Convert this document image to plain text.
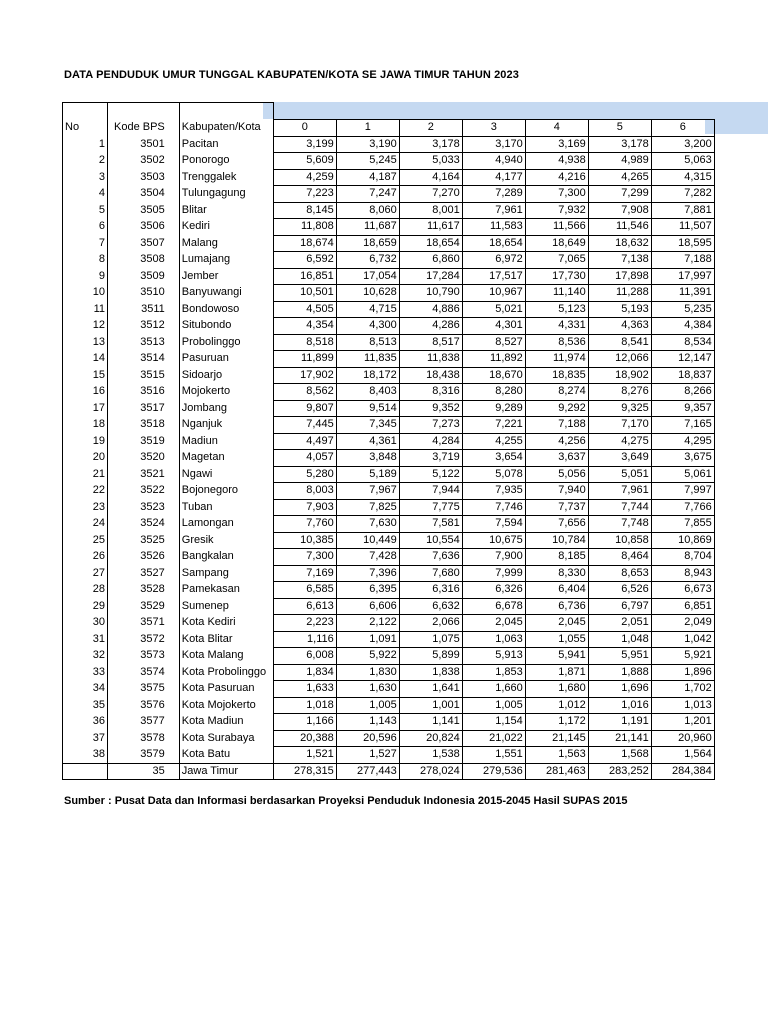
DATA PENDUDUK UMUR TUNGGAL KABUPATEN/KOTA SE JAWA TIMUR TAHUN 2023

No	Kode BPS	Kabupaten/Kota	0	1	2	3	4	5	6
1	3501	Pacitan	3,199	3,190	3,178	3,170	3,169	3,178	3,200
2	3502	Ponorogo	5,609	5,245	5,033	4,940	4,938	4,989	5,063
3	3503	Trenggalek	4,259	4,187	4,164	4,177	4,216	4,265	4,315
4	3504	Tulungagung	7,223	7,247	7,270	7,289	7,300	7,299	7,282
5	3505	Blitar	8,145	8,060	8,001	7,961	7,932	7,908	7,881
6	3506	Kediri	11,808	11,687	11,617	11,583	11,566	11,546	11,507
7	3507	Malang	18,674	18,659	18,654	18,654	18,649	18,632	18,595
8	3508	Lumajang	6,592	6,732	6,860	6,972	7,065	7,138	7,188
9	3509	Jember	16,851	17,054	17,284	17,517	17,730	17,898	17,997
10	3510	Banyuwangi	10,501	10,628	10,790	10,967	11,140	11,288	11,391
11	3511	Bondowoso	4,505	4,715	4,886	5,021	5,123	5,193	5,235
12	3512	Situbondo	4,354	4,300	4,286	4,301	4,331	4,363	4,384
13	3513	Probolinggo	8,518	8,513	8,517	8,527	8,536	8,541	8,534
14	3514	Pasuruan	11,899	11,835	11,838	11,892	11,974	12,066	12,147
15	3515	Sidoarjo	17,902	18,172	18,438	18,670	18,835	18,902	18,837
16	3516	Mojokerto	8,562	8,403	8,316	8,280	8,274	8,276	8,266
17	3517	Jombang	9,807	9,514	9,352	9,289	9,292	9,325	9,357
18	3518	Nganjuk	7,445	7,345	7,273	7,221	7,188	7,170	7,165
19	3519	Madiun	4,497	4,361	4,284	4,255	4,256	4,275	4,295
20	3520	Magetan	4,057	3,848	3,719	3,654	3,637	3,649	3,675
21	3521	Ngawi	5,280	5,189	5,122	5,078	5,056	5,051	5,061
22	3522	Bojonegoro	8,003	7,967	7,944	7,935	7,940	7,961	7,997
23	3523	Tuban	7,903	7,825	7,775	7,746	7,737	7,744	7,766
24	3524	Lamongan	7,760	7,630	7,581	7,594	7,656	7,748	7,855
25	3525	Gresik	10,385	10,449	10,554	10,675	10,784	10,858	10,869
26	3526	Bangkalan	7,300	7,428	7,636	7,900	8,185	8,464	8,704
27	3527	Sampang	7,169	7,396	7,680	7,999	8,330	8,653	8,943
28	3528	Pamekasan	6,585	6,395	6,316	6,326	6,404	6,526	6,673
29	3529	Sumenep	6,613	6,606	6,632	6,678	6,736	6,797	6,851
30	3571	Kota Kediri	2,223	2,122	2,066	2,045	2,045	2,051	2,049
31	3572	Kota Blitar	1,116	1,091	1,075	1,063	1,055	1,048	1,042
32	3573	Kota Malang	6,008	5,922	5,899	5,913	5,941	5,951	5,921
33	3574	Kota Probolinggo	1,834	1,830	1,838	1,853	1,871	1,888	1,896
34	3575	Kota Pasuruan	1,633	1,630	1,641	1,660	1,680	1,696	1,702
35	3576	Kota Mojokerto	1,018	1,005	1,001	1,005	1,012	1,016	1,013
36	3577	Kota Madiun	1,166	1,143	1,141	1,154	1,172	1,191	1,201
37	3578	Kota Surabaya	20,388	20,596	20,824	21,022	21,145	21,141	20,960
38	3579	Kota Batu	1,521	1,527	1,538	1,551	1,563	1,568	1,564
	35	Jawa Timur	278,315	277,443	278,024	279,536	281,463	283,252	284,384
Sumber : Pusat Data dan Informasi berdasarkan Proyeksi Penduduk Indonesia 2015-2045 Hasil SUPAS 2015
